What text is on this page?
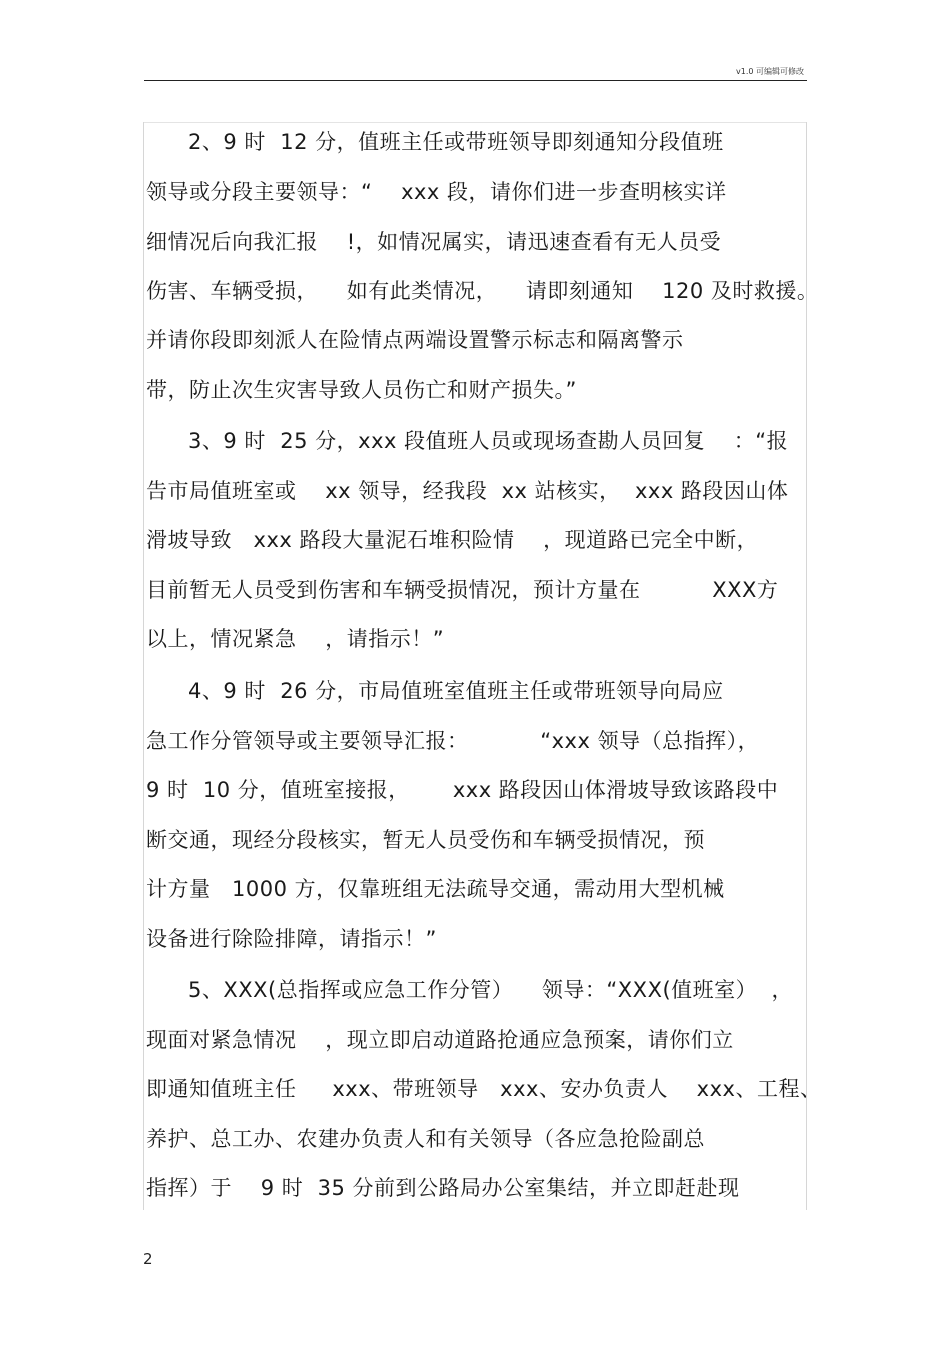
v1.0 可编辑可修改
2、9 时  12 分，值班主任或带班领导即刻通知分段值班
领导或分段主要领导：“    xxx 段，请你们进一步查明核实详
细情况后向我汇报    !，如情况属实，请迅速查看有无人员受
伤害、车辆受损，    如有此类情况，    请即刻通知    120 及时救援。
并请你段即刻派人在险情点两端设置警示标志和隔离警示
带，防止次生灾害导致人员伤亡和财产损失。”
3、9 时  25 分，xxx 段值班人员或现场查勘人员回复    ：“报
告市局值班室或    xx 领导，经我段  xx 站核实，  xxx 路段因山体
滑坡导致   xxx 路段大量泥石堆积险情    ，现道路已完全中断，
目前暂无人员受到伤害和车辆受损情况，预计方量在          XXX方
以上，情况紧急    ，请指示！”
4、9 时  26 分，市局值班室值班主任或带班领导向局应
急工作分管领导或主要领导汇报：          “xxx 领导（总指挥），
9 时  10 分，值班室接报，      xxx 路段因山体滑坡导致该路段中
断交通，现经分段核实，暂无人员受伤和车辆受损情况，预
计方量   1000 方，仅靠班组无法疏导交通，需动用大型机械
设备进行除险排障，请指示！”
5、XXX(总指挥或应急工作分管）    领导：“XXX(值班室）  ，
现面对紧急情况    ，现立即启动道路抢通应急预案，请你们立
即通知值班主任     xxx、带班领导   xxx、安办负责人    xxx、工程、
养护、总工办、农建办负责人和有关领导（各应急抢险副总
指挥）于    9 时  35 分前到公路局办公室集结，并立即赶赴现
2
